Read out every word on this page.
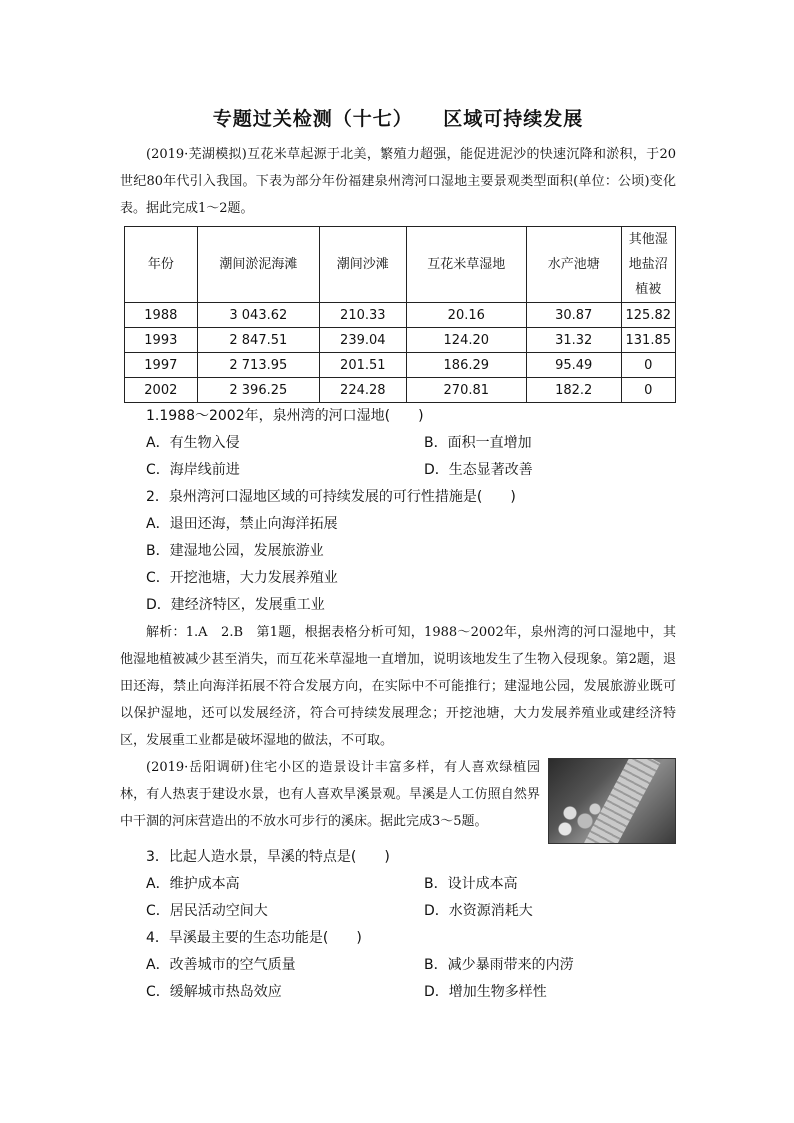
专题过关检测（十七）    区域可持续发展

(2019·芜湖模拟)互花米草起源于北美，繁殖力超强，能促进泥沙的快速沉降和淤积，于20世纪80年代引入我国。下表为部分年份福建泉州湾河口湿地主要景观类型面积(单位：公顷)变化表。据此完成1～2题。

年份	潮间淤泥海滩	潮间沙滩	互花米草湿地	水产池塘	其他湿地盐沼植被
1988	3 043.62	210.33	20.16	30.87	125.82
1993	2 847.51	239.04	124.20	31.32	131.85
1997	2 713.95	201.51	186.29	95.49	0
2002	2 396.25	224.28	270.81	182.2	0
1.1988～2002年，泉州湾的河口湿地(　　)
A．有生物入侵	B．面积一直增加
C．海岸线前进	D．生态显著改善
2．泉州湾河口湿地区域的可持续发展的可行性措施是(　　)
A．退田还海，禁止向海洋拓展
B．建湿地公园，发展旅游业
C．开挖池塘，大力发展养殖业
D．建经济特区，发展重工业

解析：1.A　2.B　第1题，根据表格分析可知，1988～2002年，泉州湾的河口湿地中，其他湿地植被减少甚至消失，而互花米草湿地一直增加，说明该地发生了生物入侵现象。第2题，退田还海，禁止向海洋拓展不符合发展方向，在实际中不可能推行；建湿地公园，发展旅游业既可以保护湿地，还可以发展经济，符合可持续发展理念；开挖池塘，大力发展养殖业或建经济特区，发展重工业都是破坏湿地的做法，不可取。

(2019·岳阳调研)住宅小区的造景设计丰富多样，有人喜欢绿植园林，有人热衷于建设水景，也有人喜欢旱溪景观。旱溪是人工仿照自然界中干涸的河床营造出的不放水可步行的溪床。据此完成3～5题。

3．比起人造水景，旱溪的特点是(　　)
A．维护成本高	B．设计成本高
C．居民活动空间大	D．水资源消耗大
4．旱溪最主要的生态功能是(　　)
A．改善城市的空气质量	B．减少暴雨带来的内涝
C．缓解城市热岛效应	D．增加生物多样性
